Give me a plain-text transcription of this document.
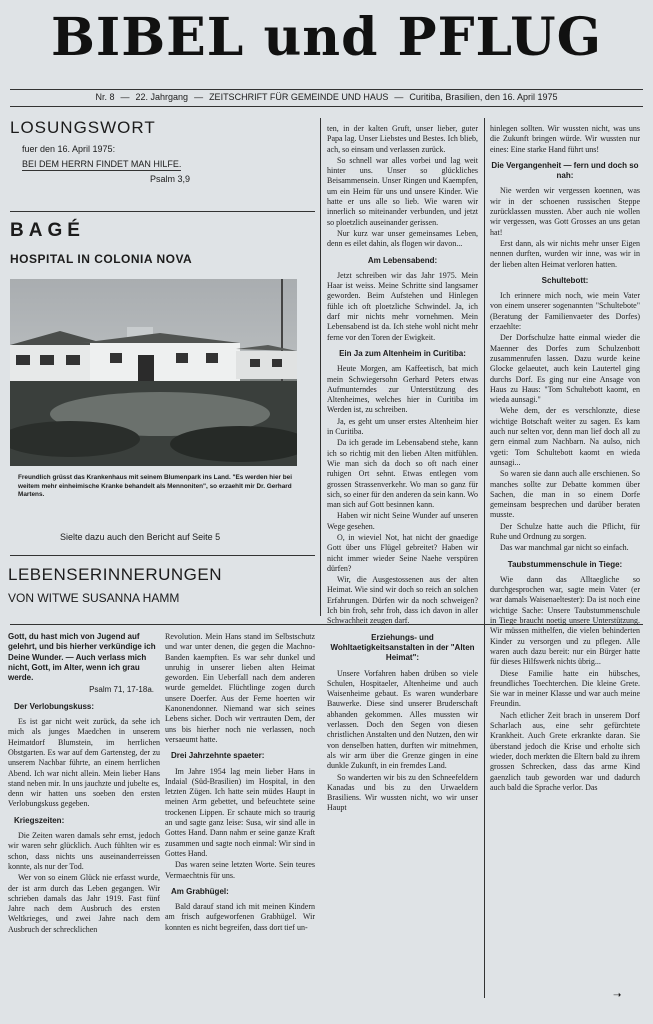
BIBEL und PFLUG
Nr. 8 — 22. Jahrgang — ZEITSCHRIFT FÜR GEMEINDE UND HAUS — Curitiba, Brasilien, den 16. April 1975
LOSUNGSWORT
fuer den 16. April 1975:
BEI DEM HERRN FINDET MAN HILFE.
Psalm 3,9
BAGÉ
HOSPITAL IN COLONIA NOVA
Freundlich grüsst das Krankenhaus mit seinem Blumenpark ins Land. "Es werden hier bei weitem mehr einheimische Kranke behandelt als Mennoniten", so erzaehlt mir Dr. Gerhard Martens.
Sielte dazu auch den Bericht auf Seite 5
LEBENSERINNERUNGEN
VON WITWE SUSANNA HAMM
Gott, du hast mich von Jugend auf gelehrt, und bis hierher verkündige ich Deine Wunder. — Auch verlass mich nicht, Gott, im Alter, wenn ich grau werde.
Psalm 71, 17-18a.
Der Verlobungskuss:

Es ist gar nicht weit zurück, da sehe ich mich als junges Maedchen in unserem Heimatdorf Blumstein, im herrlichen Obstgarten. Es war auf dem Gartensteg, der zu unserem Nachbar führte, an einem herrlichen Abend. Ich war nicht allein. Mein lieber Hans stand neben mir. In uns jauchzte und jubelte es, denn wir hatten uns soeben den ersten Verlobungskuss gegeben.

Kriegszeiten:

Die Zeiten waren damals sehr ernst, jedoch wir waren sehr glücklich. Auch fühlten wir es schon, dass nichts uns auseinanderreissen konnte, als nur der Tod.

Wer von so einem Glück nie erfasst wurde, der ist arm durch das Leben gegangen. Wir schrieben damals das Jahr 1919. Fast fünf Jahre nach dem Ausbruch des ersten Weltkrieges, und zwei Jahre nach dem Ausbruch der schrecklichen

Revolution. Mein Hans stand im Selbstschutz und war unter denen, die gegen die Machno-Banden kaempften. Es war sehr dunkel und unruhig in unserer lieben alten Heimat geworden. Ein Ueberfall nach dem anderen wurde gemeldet. Flüchtlinge zogen durch unsere Doerfer. Aus der Ferne hoerten wir Kanonendonner. Niemand war sich seines Lebens sicher. Doch wir vertrauten Dem, der uns bis hierher noch nie verlassen, noch versaeumt hatte.

Drei Jahrzehnte spaeter:

Im Jahre 1954 lag mein lieber Hans in Indaial (Süd-Brasilien) im Hospital, in den letzten Zügen. Ich hatte sein müdes Haupt in meinen Arm gebettet, und befeuchtete seine trockenen Lippen. Er schaute mich so traurig an und sagte ganz leise: Susa, wir sind alle in Gottes Hand. Dann nahm er seine ganze Kraft zusammen und sagte noch einmal: Wir sind in Gottes Hand.

Das waren seine letzten Worte. Sein teures Vermaechtnis für uns.

Am Grabhügel:

Bald darauf stand ich mit meinen Kindern am frisch aufgeworfenen Grabhügel. Wir konnten es nicht begreifen, dass dort tief un-

ten, in der kalten Gruft, unser lieber, guter Papa lag. Unser Liebstes und Bestes. Ich blieb, ach, so einsam und verlassen zurück.

So schnell war alles vorbei und lag weit hinter uns. Unser so glückliches Beisammensein. Unser Ringen und Kaempfen, um ein Heim für uns und unsere Kinder. Wie hatte er uns alle so lieb. Wie waren wir innerlich so miteinander verbunden, und jetzt so ploetzlich auseinander gerissen.

Nur kurz war unser gemeinsames Leben, denn es eilet dahin, als flogen wir davon...

Am Lebensabend:

Jetzt schreiben wir das Jahr 1975. Mein Haar ist weiss. Meine Schritte sind langsamer geworden. Beim Aufstehen und Hinlegen fühle ich oft ploetzliche Schwindel. Ja, ich darf mir nichts mehr vornehmen. Mein Lebensabend ist da. Ich stehe wohl nicht mehr ferne vor den Toren der Ewigkeit.

Ein Ja zum Altenheim in Curitiba:

Heute Morgen, am Kaffeetisch, bat mich mein Schwiegersohn Gerhard Peters etwas Aufmunterndes zur Unterstützung des Altenheimes, welches hier in Curitiba im Werden ist, zu schreiben.

Ja, es geht um unser erstes Altenheim hier in Curitiba.

Da ich gerade im Lebensabend stehe, kann ich so richtig mit den lieben Alten mitfühlen. Wie man sich da doch so oft nach einer ruhigen Ort sehnt. Etwas entlegen vom grossen Strassenverkehr. Wo man so ganz für sich, so einer für den anderen da sein kann. Wo man sich auf Gott besinnen kann.

Haben wir nicht Seine Wunder auf unseren Wege gesehen.

O, in wieviel Not, hat nicht der gnaedige Gott über uns Flügel gebreitet? Haben wir nicht immer wieder Seine Naehe verspüren dürfen?

Wir, die Ausgestossenen aus der alten Heimat. Wie sind wir doch so reich an solchen Erfahrungen. Dürfen wir da noch schweigen? Ich bin froh, sehr froh, dass ich davon in aller Schwachheit zeugen darf.

Erziehungs- und Wohltaetigkeitsanstalten in der "Alten Heimat":

Unsere Vorfahren haben drüben so viele Schulen, Hospitaeler, Altenheime und auch Waisenheime gebaut. Es waren wunderbare Bauwerke. Diese sind unserer Bruderschaft abhanden gekommen. Alles mussten wir verlassen. Doch den Segen von diesen christlichen Anstalten und den Nutzen, den wir von denselben hatten, durften wir mitnehmen, als wir arm über die Grenze gingen in eine dunkle Zukunft, in ein fremdes Land.

So wanderten wir bis zu den Schneefeldern Kanadas und bis zu den Urwaeldern Brasiliens. Wir wussten nicht, wo wir unser Haupt

hinlegen sollten. Wir wussten nicht, was uns die Zukunft bringen würde. Wir wussten nur eines: Eine starke Hand führt uns!

Die Vergangenheit — fern und doch so nah:

Nie werden wir vergessen koennen, was wir in der schoenen russischen Steppe zurücklassen mussten. Aber auch nie wollen wir vergessen, was Gott Grosses an uns getan hat!

Erst dann, als wir nichts mehr unser Eigen nennen durften, wurden wir inne, was wir in der lieben alten Heimat verloren hatten.

Schultebott:

Ich erinnere mich noch, wie mein Vater von einem unserer sogenannten "Schultebote" (Beratung der Familienvaeter des Dorfes) erzaehlte:

Der Dorfschulze hatte einmal wieder die Maenner des Dorfes zum Schulzenbott zusammenrufen lassen. Dazu wurde keine Glocke gelaeutet, auch kein Lautertel ging durchs Dorf. Es ging nur eine Ansage von Haus zu Haus: "Tom Schultebott kaomt, en wieda aunsagi."

Wehe dem, der es verschlonzte, diese wichtige Botschaft weiter zu sagen. Es kam auch nur selten vor, denn man lief doch all zu gern einmal zum Nachbarn. Na aulso, nich vgeti: Tom Schultebott kaomt en wieda aunsagi...

So waren sie dann auch alle erschienen. So manches sollte zur Debatte kommen über Sachen, die man in so einem Dorfe gemeinsam besprechen und darüber beraten musste.

Der Schulze hatte auch die Pflicht, für Ruhe und Ordnung zu sorgen.

Das war manchmal gar nicht so einfach.

Taubstummenschule in Tiege:

Wie dann das Alltaegliche so durchgesprochen war, sagte mein Vater (er war damals Waisenaeltester): Da ist noch eine wichtige Sache: Unsere Taubstummenschule in Tiege braucht noetig unsere Unterstützung. Wir müssen mithelfen, die vielen behinderten Kinder zu versorgen und zu pflegen. Alle waren auch dazu bereit: nur ein Bürger hatte für dieses Hilfswerk nichts übrig...

Diese Familie hatte ein hübsches, freundliches Toechterchen. Die kleine Grete. Sie war in meiner Klasse und war auch meine Freundin.

Nach etlicher Zeit brach in unserem Dorf Scharlach aus, eine sehr gefürchtete Krankheit. Auch Grete erkrankte daran. Sie überstand jedoch die Krise und erholte sich wieder, doch merkten die Eltern bald zu ihrem grossen Schrecken, dass das arme Kind gaenzlich taub geworden war und dadurch auch bald die Sprache verlor. Das

➝
